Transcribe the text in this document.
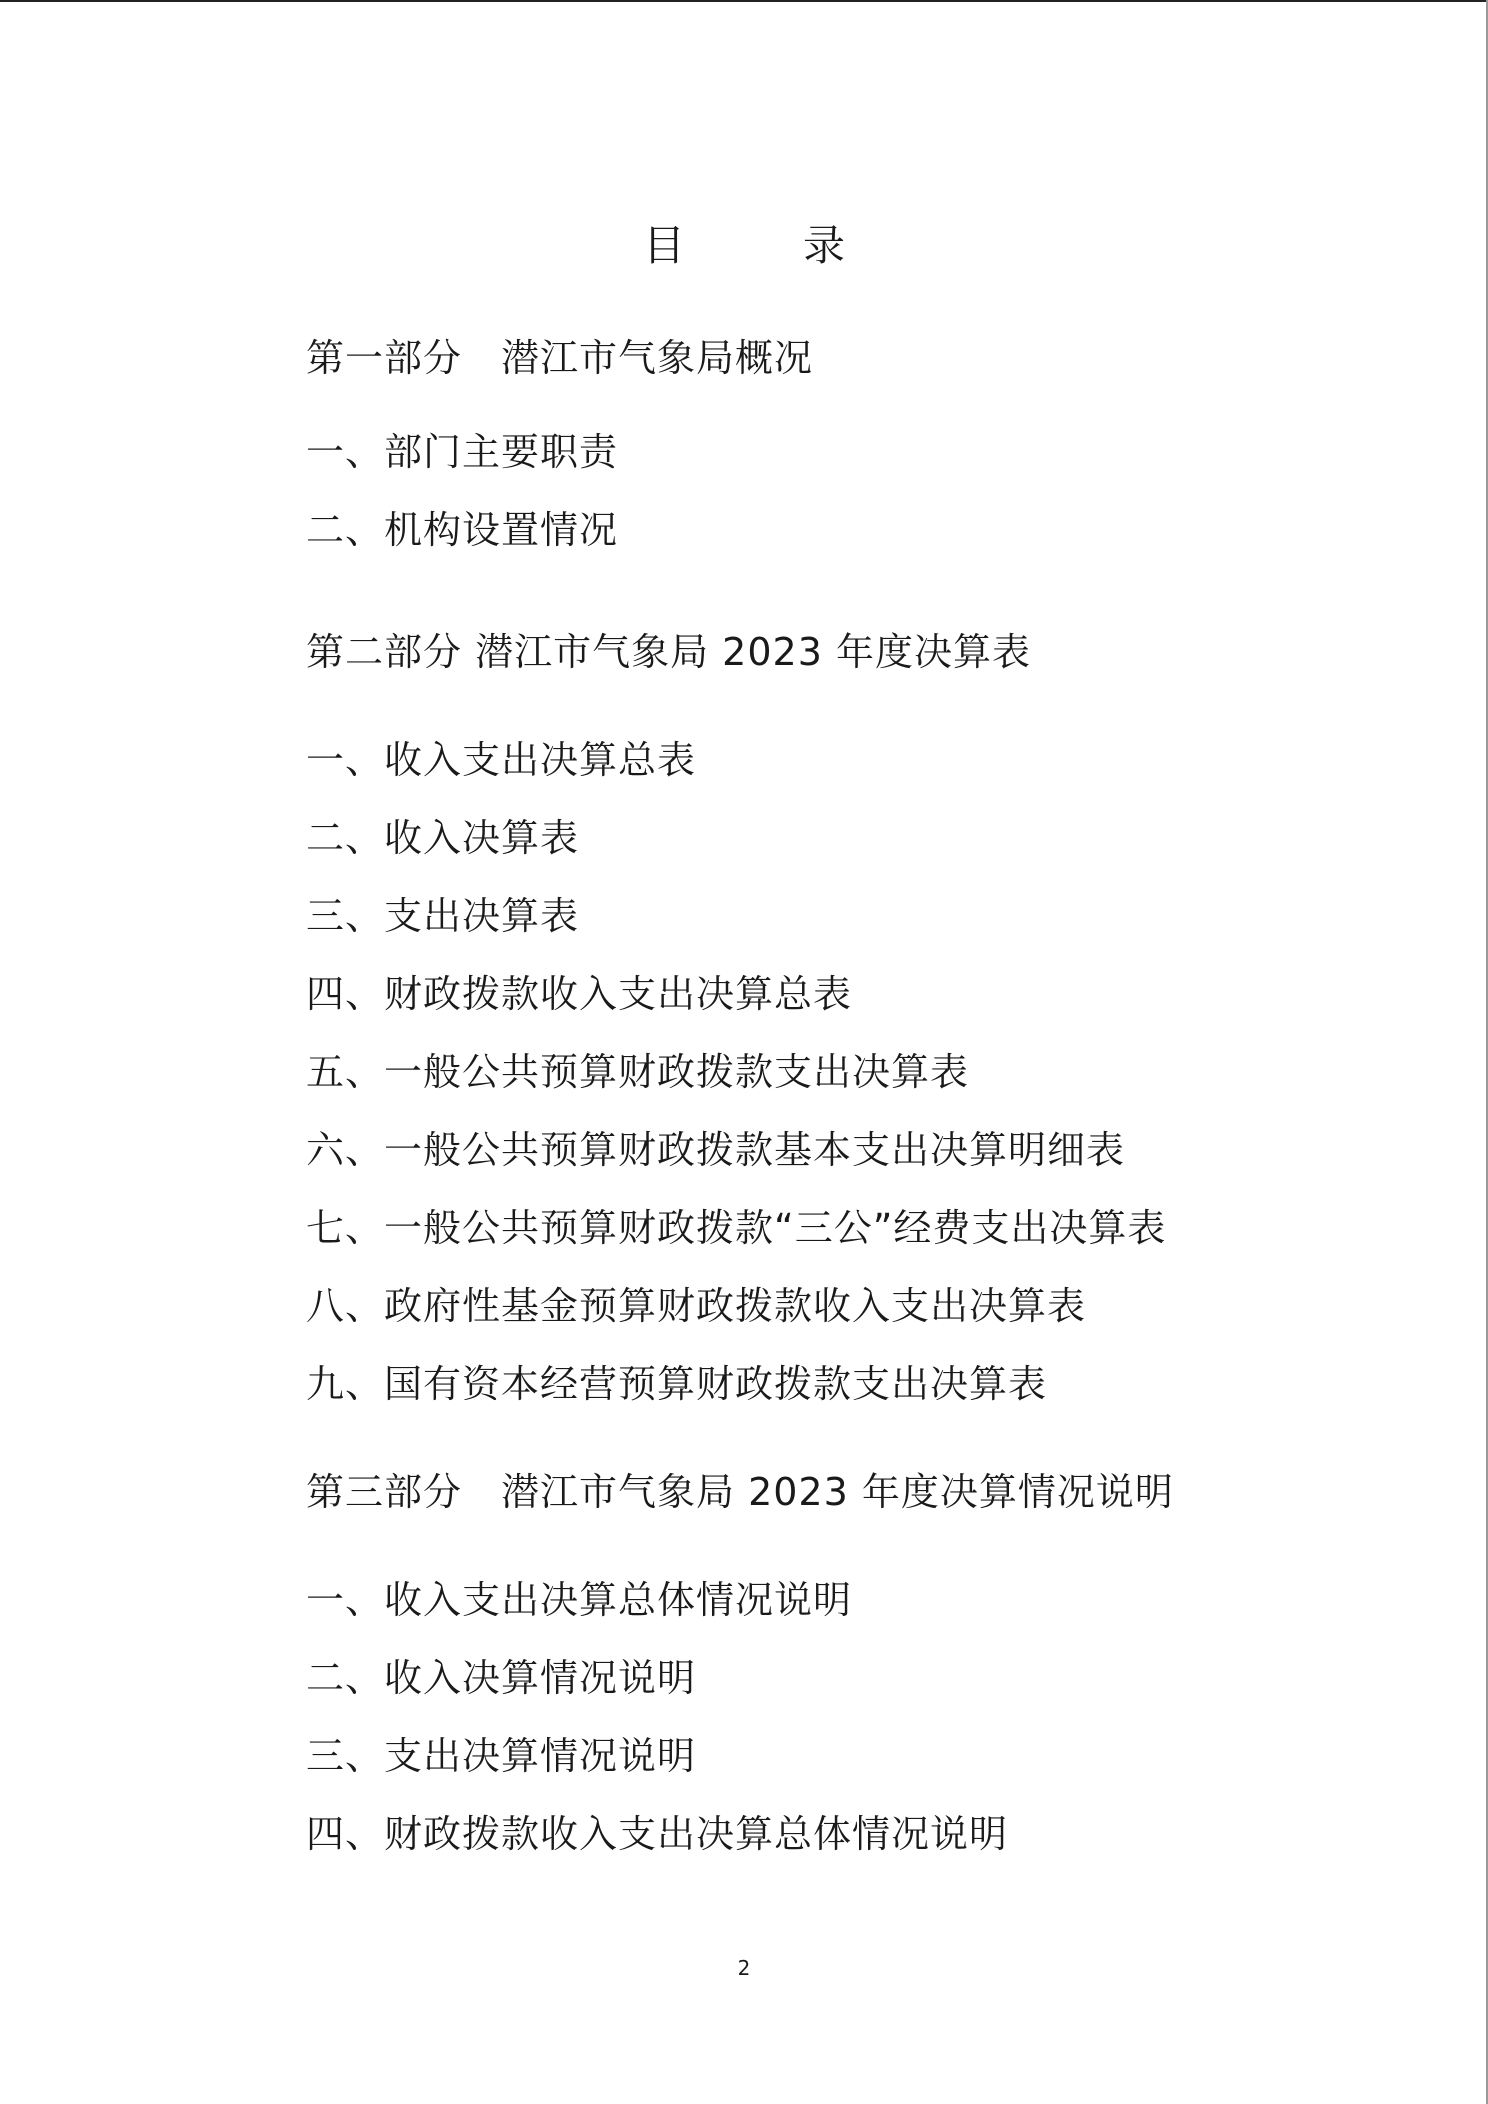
目　录
第一部分　潜江市气象局概况
一、部门主要职责
二、机构设置情况
第二部分 潜江市气象局 2023 年度决算表
一、收入支出决算总表
二、收入决算表
三、支出决算表
四、财政拨款收入支出决算总表
五、一般公共预算财政拨款支出决算表
六、一般公共预算财政拨款基本支出决算明细表
七、一般公共预算财政拨款“三公”经费支出决算表
八、政府性基金预算财政拨款收入支出决算表
九、国有资本经营预算财政拨款支出决算表
第三部分　潜江市气象局 2023 年度决算情况说明
一、收入支出决算总体情况说明
二、收入决算情况说明
三、支出决算情况说明
四、财政拨款收入支出决算总体情况说明
2
